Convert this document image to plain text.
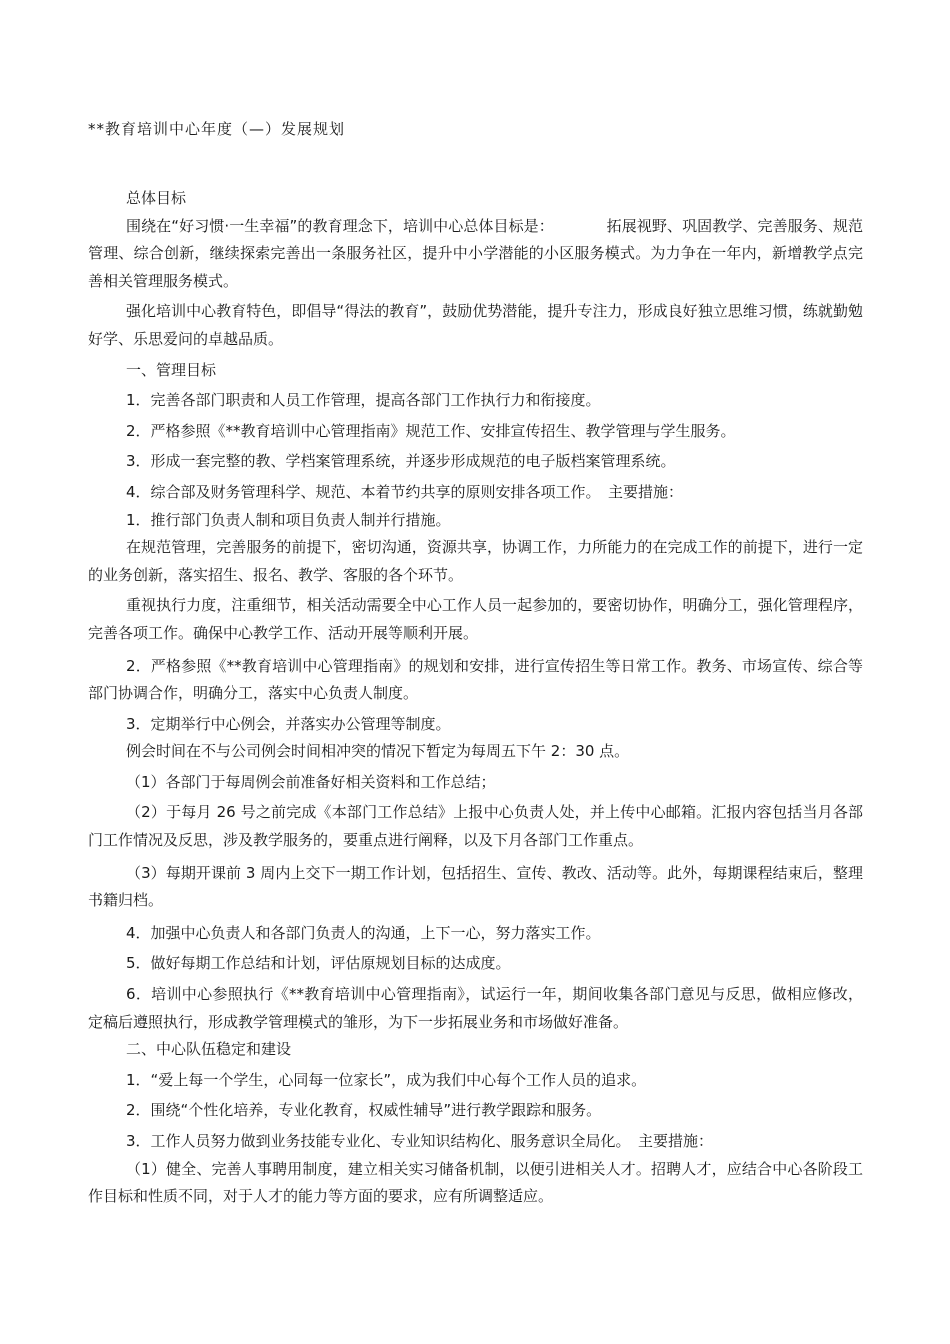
**教育培训中心年度（—）发展规划

总体目标

围绕在“好习惯·一生幸福”的教育理念下，培训中心总体目标是：　　　　拓展视野、巩固教学、完善服务、规范管理、综合创新，继续探索完善出一条服务社区，提升中小学潜能的小区服务模式。为力争在一年内，新增教学点完善相关管理服务模式。

强化培训中心教育特色，即倡导“得法的教育”，鼓励优势潜能，提升专注力，形成良好独立思维习惯，练就勤勉好学、乐思爱问的卓越品质。

一、管理目标

1．完善各部门职责和人员工作管理，提高各部门工作执行力和衔接度。

2．严格参照《**教育培训中心管理指南》规范工作、安排宣传招生、教学管理与学生服务。

3．形成一套完整的教、学档案管理系统，并逐步形成规范的电子版档案管理系统。

4．综合部及财务管理科学、规范、本着节约共享的原则安排各项工作。　主要措施：

1．推行部门负责人制和项目负责人制并行措施。

在规范管理，完善服务的前提下，密切沟通，资源共享，协调工作，力所能力的在完成工作的前提下，进行一定的业务创新，落实招生、报名、教学、客服的各个环节。

重视执行力度，注重细节，相关活动需要全中心工作人员一起参加的，要密切协作，明确分工，强化管理程序，完善各项工作。确保中心教学工作、活动开展等顺利开展。

2．严格参照《**教育培训中心管理指南》的规划和安排，进行宣传招生等日常工作。教务、市场宣传、综合等部门协调合作，明确分工，落实中心负责人制度。

3．定期举行中心例会，并落实办公管理等制度。

例会时间在不与公司例会时间相冲突的情况下暂定为每周五下午 2：30 点。

（1）各部门于每周例会前准备好相关资料和工作总结；

（2）于每月 26 号之前完成《本部门工作总结》上报中心负责人处，并上传中心邮箱。汇报内容包括当月各部门工作情况及反思，涉及教学服务的，要重点进行阐释，以及下月各部门工作重点。

（3）每期开课前 3 周内上交下一期工作计划，包括招生、宣传、教改、活动等。此外，每期课程结束后，整理书籍归档。

4．加强中心负责人和各部门负责人的沟通，上下一心，努力落实工作。

5．做好每期工作总结和计划，评估原规划目标的达成度。

6．培训中心参照执行《**教育培训中心管理指南》，试运行一年，期间收集各部门意见与反思，做相应修改，定稿后遵照执行，形成教学管理模式的雏形，为下一步拓展业务和市场做好准备。

二、中心队伍稳定和建设

1．“爱上每一个学生，心同每一位家长”，成为我们中心每个工作人员的追求。

2．围绕“个性化培养，专业化教育，权威性辅导”进行教学跟踪和服务。

3．工作人员努力做到业务技能专业化、专业知识结构化、服务意识全局化。　主要措施：

（1）健全、完善人事聘用制度，建立相关实习储备机制，以便引进相关人才。招聘人才，应结合中心各阶段工作目标和性质不同，对于人才的能力等方面的要求，应有所调整适应。
